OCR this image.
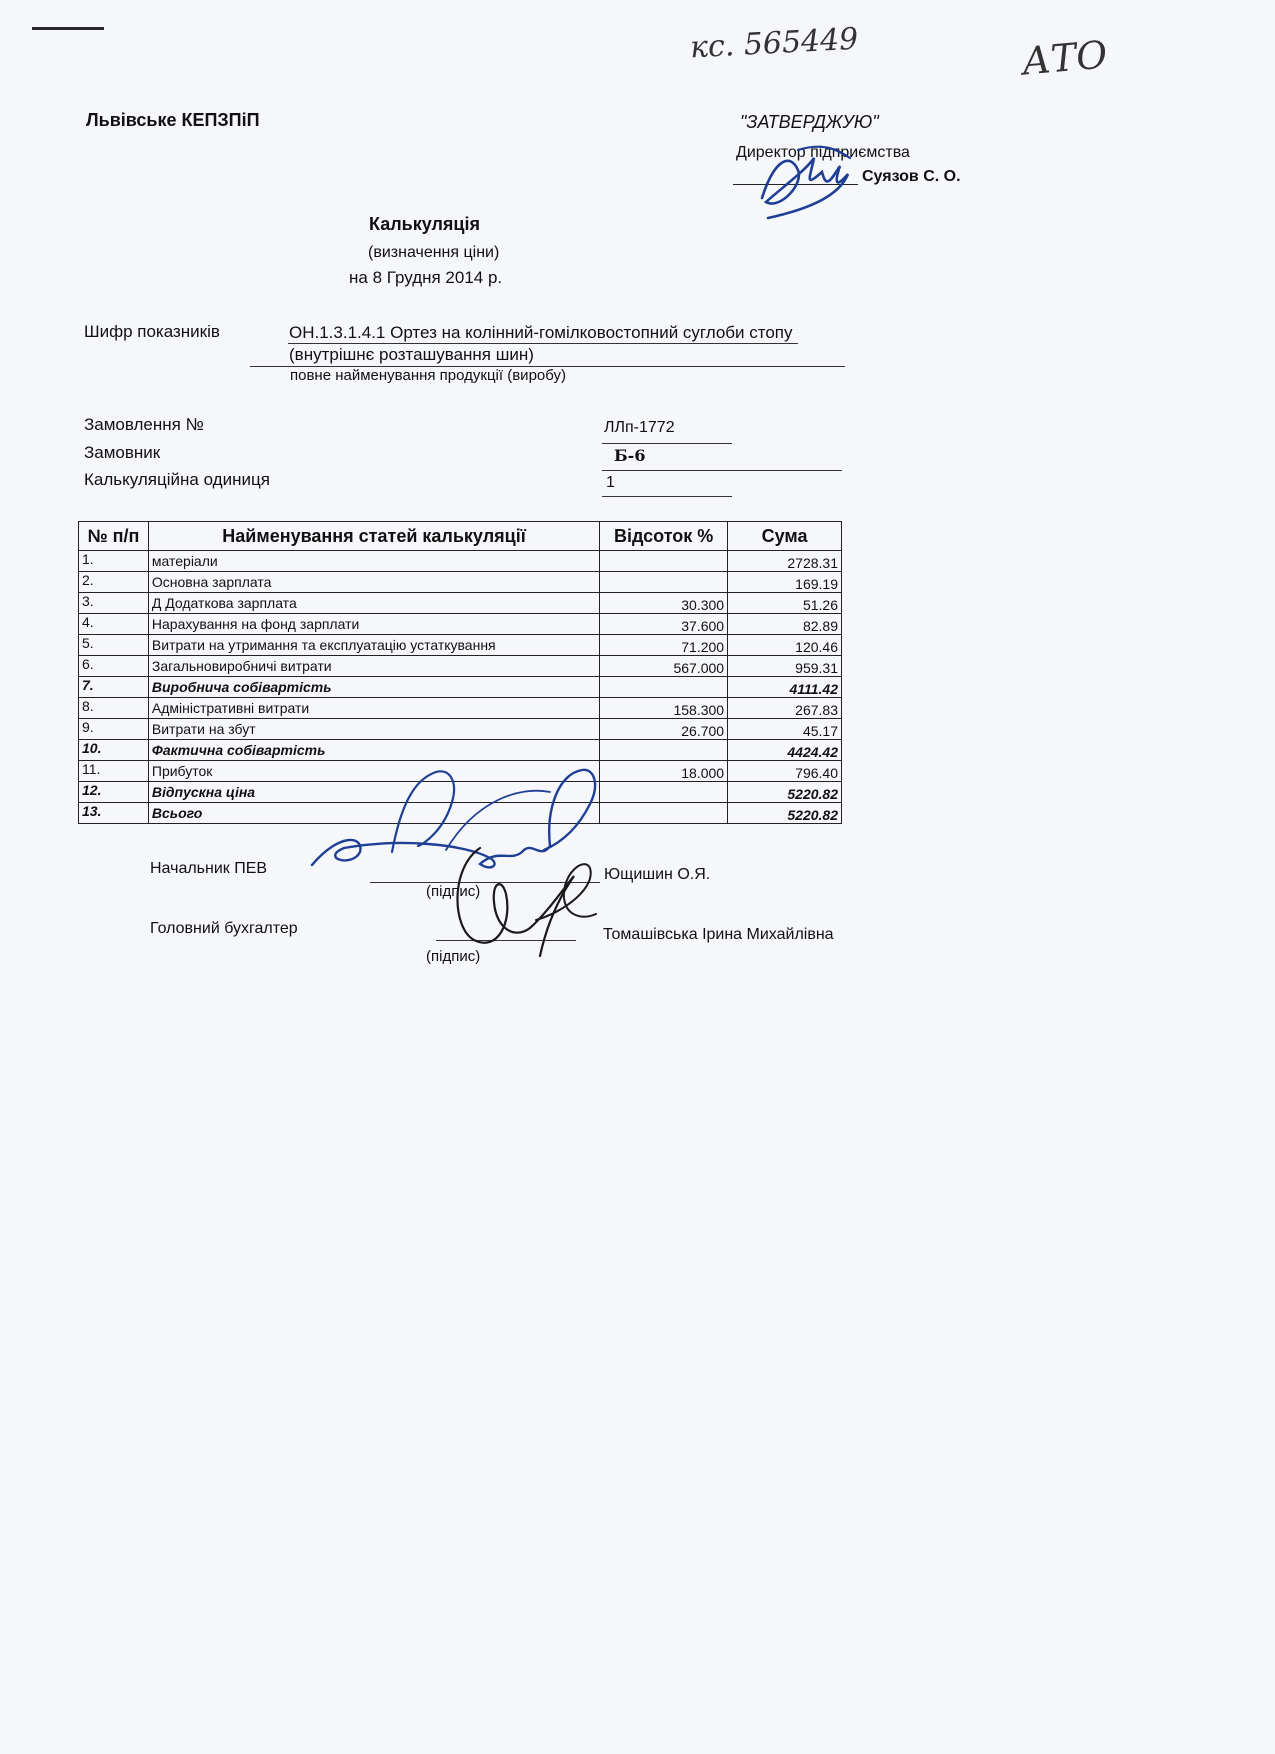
кс. 565449	АТО
Львівське КЕПЗПіП	"ЗАТВЕРДЖУЮ"
Директор підприємства
Суязов С. О.
Калькуляція
(визначення ціни)
на 8 Грудня 2014 р.
Шифр показників	ОН.1.3.1.4.1 Ортез на колінний-гомілковостопний суглоби стопу (внутрішнє розташування шин)
повне найменування продукції (виробу)
Замовлення №	ЛЛп-1772
Замовник	Б-6
Калькуляційна одиниця	1
№ п/п	Найменування статей калькуляції	Відсоток %	Сума
1.	матеріали		2728.31
2.	Основна зарплата		169.19
3.	Д Додаткова зарплата	30.300	51.26
4.	Нарахування на фонд зарплати	37.600	82.89
5.	Витрати на утримання та експлуатацію устаткування	71.200	120.46
6.	Загальновиробничі витрати	567.000	959.31
7.	Виробнича собівартість		4111.42
8.	Адміністративні витрати	158.300	267.83
9.	Витрати на збут	26.700	45.17
10.	Фактична собівартість		4424.42
11.	Прибуток	18.000	796.40
12.	Відпускна ціна		5220.82
13.	Всього		5220.82
Начальник ПЕВ
(підпис)
Ющишин О.Я.
Головний бухгалтер
(підпис)
Томашівська Ірина Михайлівна
